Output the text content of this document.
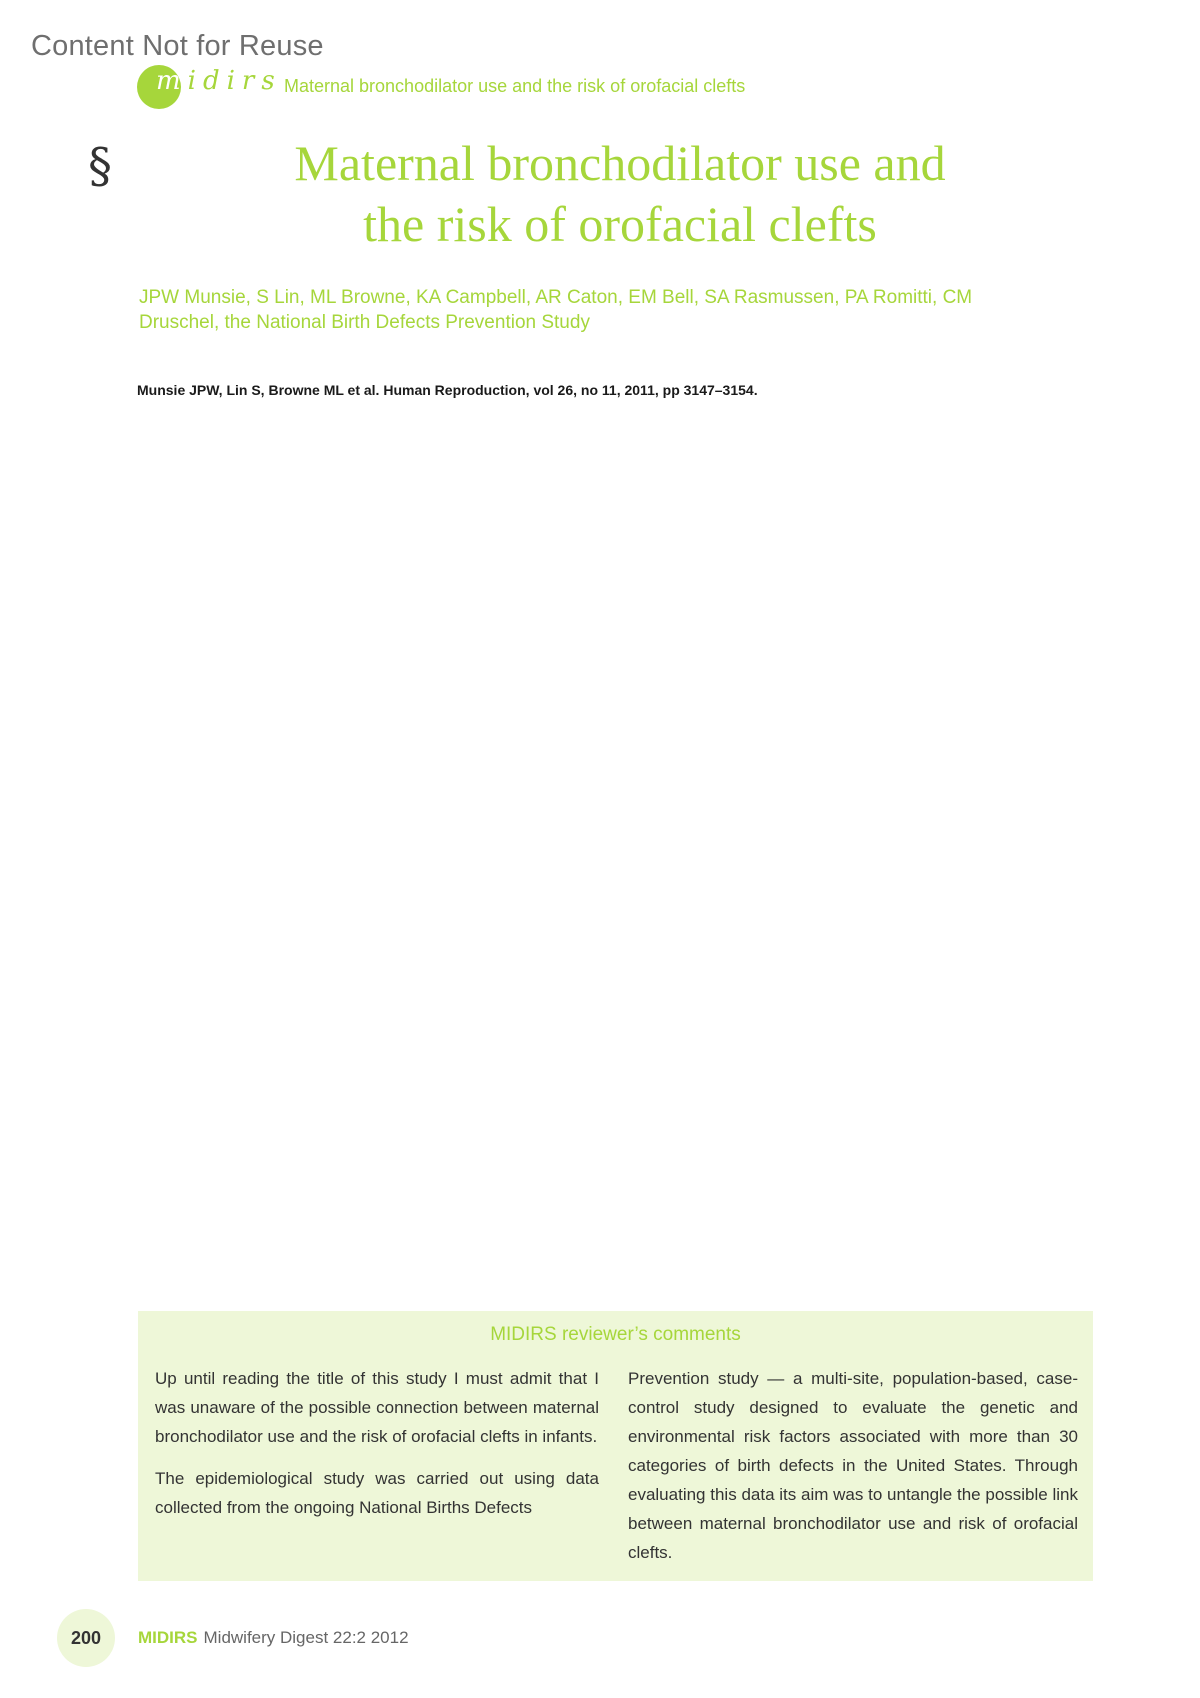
Content Not for Reuse
midirs Maternal bronchodilator use and the risk of orofacial clefts
§	Maternal bronchodilator use and
the risk of orofacial clefts
JPW Munsie, S Lin, ML Browne, KA Campbell, AR Caton, EM Bell, SA Rasmussen, PA Romitti, CM Druschel, the National Birth Defects Prevention Study
Munsie JPW, Lin S, Browne ML et al. Human Reproduction, vol 26, no 11, 2011, pp 3147–3154.
MIDIRS reviewer’s comments

Up until reading the title of this study I must admit that I was unaware of the possible connection between maternal bronchodilator use and the risk of orofacial clefts in infants.

The epidemiological study was carried out using data collected from the ongoing National Births Defects

Prevention study — a multi-site, population-based, case-control study designed to evaluate the genetic and environmental risk factors associated with more than 30 categories of birth defects in the United States. Through evaluating this data its aim was to untangle the possible link between maternal bronchodilator use and risk of orofacial clefts.

200	MIDIRS Midwifery Digest 22:2 2012
